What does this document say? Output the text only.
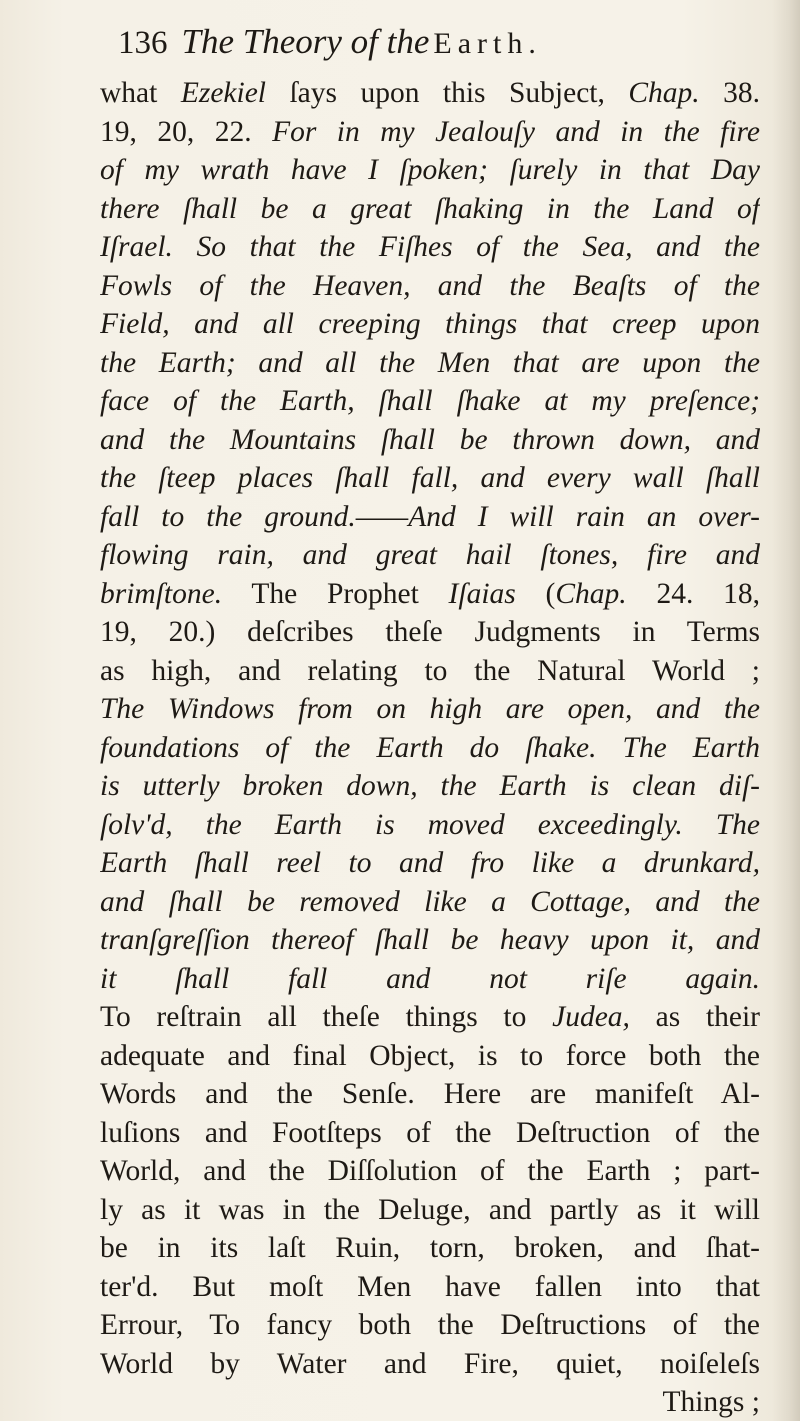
136 The Theory of the Earth.
what Ezekiel ſays upon this Subject, Chap. 38.
19, 20, 22. For in my Jealouſy and in the fire
of my wrath have I ſpoken; ſurely in that Day
there ſhall be a great ſhaking in the Land of
Iſrael. So that the Fiſhes of the Sea, and the
Fowls of the Heaven, and the Beaſts of the
Field, and all creeping things that creep upon
the Earth; and all the Men that are upon the
face of the Earth, ſhall ſhake at my preſence;
and the Mountains ſhall be thrown down, and
the ſteep places ſhall fall, and every wall ſhall
fall to the ground.——And I will rain an over-
flowing rain, and great hail ſtones, fire and
brimſtone. The Prophet Iſaias (Chap. 24. 18,
19, 20.) deſcribes theſe Judgments in Terms
as high, and relating to the Natural World ;
The Windows from on high are open, and the
foundations of the Earth do ſhake. The Earth
is utterly broken down, the Earth is clean diſ-
ſolv'd, the Earth is moved exceedingly. The
Earth ſhall reel to and fro like a drunkard,
and ſhall be removed like a Cottage, and the
tranſgreſſion thereof ſhall be heavy upon it, and
it ſhall fall and not riſe again.
To reſtrain all theſe things to Judea, as their
adequate and final Object, is to force both the
Words and the Senſe. Here are manifeſt Al-
luſions and Footſteps of the Deſtruction of the
World, and the Diſſolution of the Earth ; part-
ly as it was in the Deluge, and partly as it will
be in its laſt Ruin, torn, broken, and ſhat-
ter'd. But moſt Men have fallen into that
Errour, To fancy both the Deſtructions of the
World by Water and Fire, quiet, noiſeleſs
Things ;
